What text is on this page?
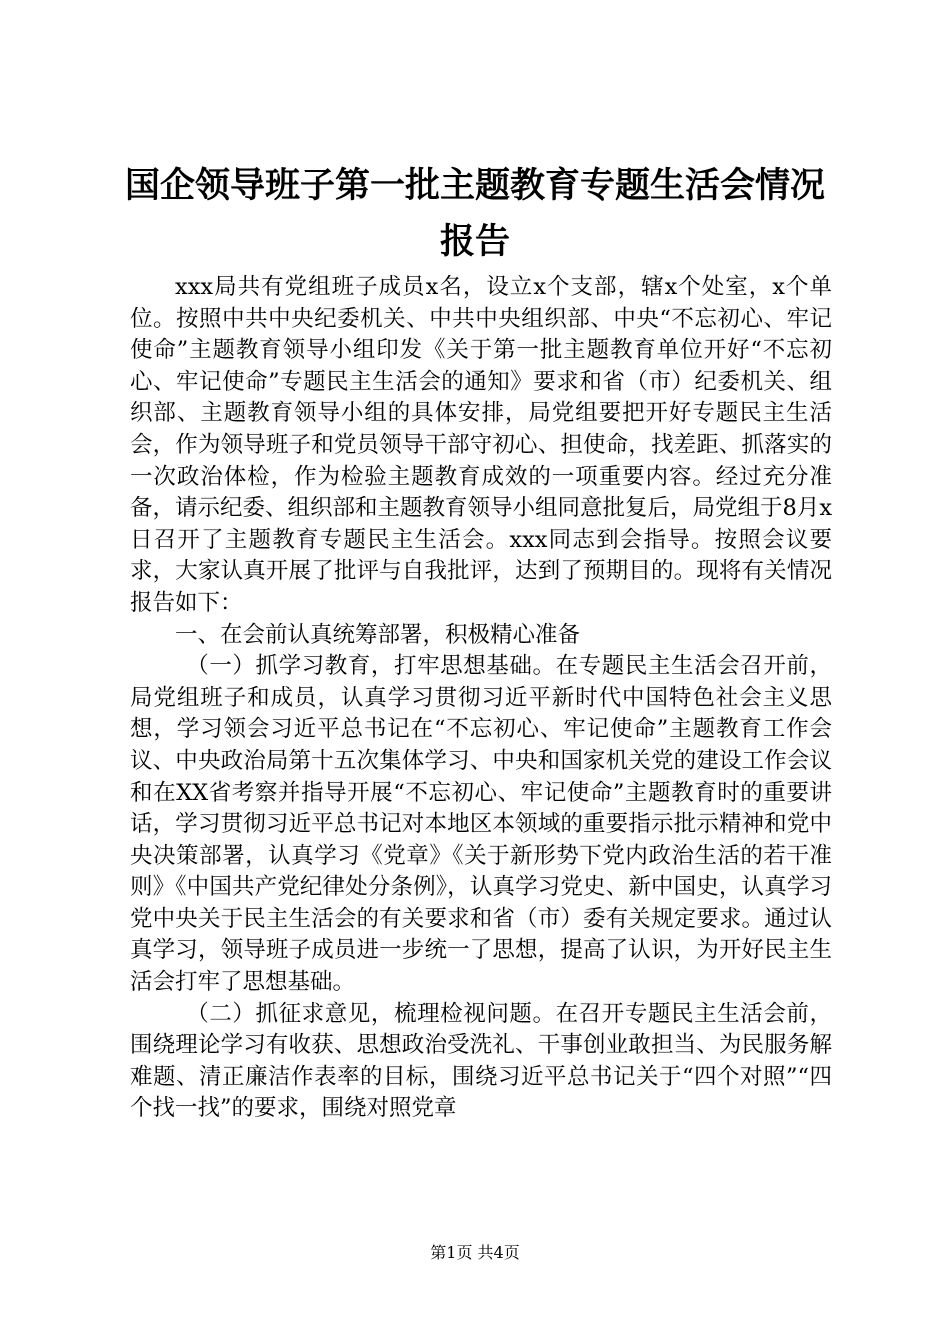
国企领导班子第一批主题教育专题生活会情况报告

xxx局共有党组班子成员x名，设立x个支部，辖x个处室，x个单位。按照中共中央纪委机关、中共中央组织部、中央“不忘初心、牢记使命”主题教育领导小组印发《关于第一批主题教育单位开好“不忘初心、牢记使命”专题民主生活会的通知》要求和省（市）纪委机关、组织部、主题教育领导小组的具体安排，局党组要把开好专题民主生活会，作为领导班子和党员领导干部守初心、担使命，找差距、抓落实的一次政治体检，作为检验主题教育成效的一项重要内容。经过充分准备，请示纪委、组织部和主题教育领导小组同意批复后，局党组于8月x日召开了主题教育专题民主生活会。xxx同志到会指导。按照会议要求，大家认真开展了批评与自我批评，达到了预期目的。现将有关情况报告如下：

一、在会前认真统筹部署，积极精心准备

（一）抓学习教育，打牢思想基础。在专题民主生活会召开前，局党组班子和成员，认真学习贯彻习近平新时代中国特色社会主义思想，学习领会习近平总书记在“不忘初心、牢记使命”主题教育工作会议、中央政治局第十五次集体学习、中央和国家机关党的建设工作会议和在XX省考察并指导开展“不忘初心、牢记使命”主题教育时的重要讲话，学习贯彻习近平总书记对本地区本领域的重要指示批示精神和党中央决策部署，认真学习《党章》《关于新形势下党内政治生活的若干准则》《中国共产党纪律处分条例》，认真学习党史、新中国史，认真学习党中央关于民主生活会的有关要求和省（市）委有关规定要求。通过认真学习，领导班子成员进一步统一了思想，提高了认识，为开好民主生活会打牢了思想基础。

（二）抓征求意见，梳理检视问题。在召开专题民主生活会前，围绕理论学习有收获、思想政治受洗礼、干事创业敢担当、为民服务解难题、清正廉洁作表率的目标，围绕习近平总书记关于“四个对照”“四个找一找”的要求，围绕对照党章

第1页 共4页
